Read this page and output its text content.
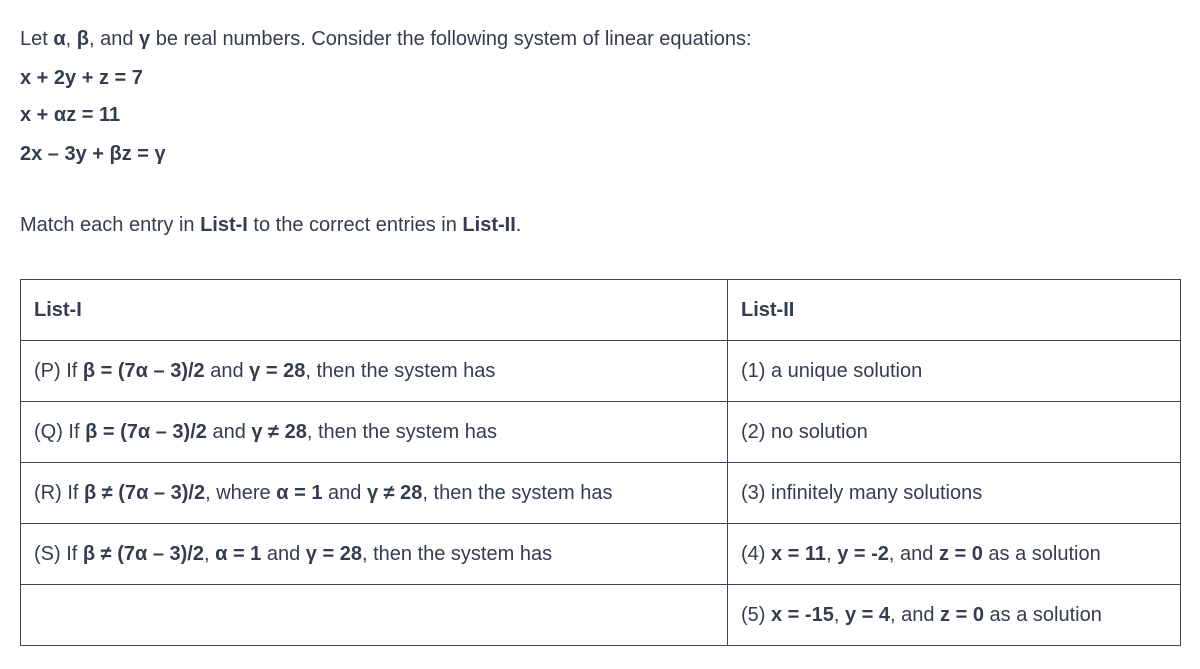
Let α, β, and γ be real numbers. Consider the following system of linear equations:
x + 2y + z = 7
x + αz = 11
2x – 3y + βz = γ
Match each entry in List-I to the correct entries in List-II.
List-I	List-II
(P) If β = (7α – 3)/2 and γ = 28, then the system has	(1) a unique solution
(Q) If β = (7α – 3)/2 and γ ≠ 28, then the system has	(2) no solution
(R) If β ≠ (7α – 3)/2, where α = 1 and γ ≠ 28, then the system has	(3) infinitely many solutions
(S) If β ≠ (7α – 3)/2, α = 1 and γ = 28, then the system has	(4) x = 11, y = -2, and z = 0 as a solution
	(5) x = -15, y = 4, and z = 0 as a solution
